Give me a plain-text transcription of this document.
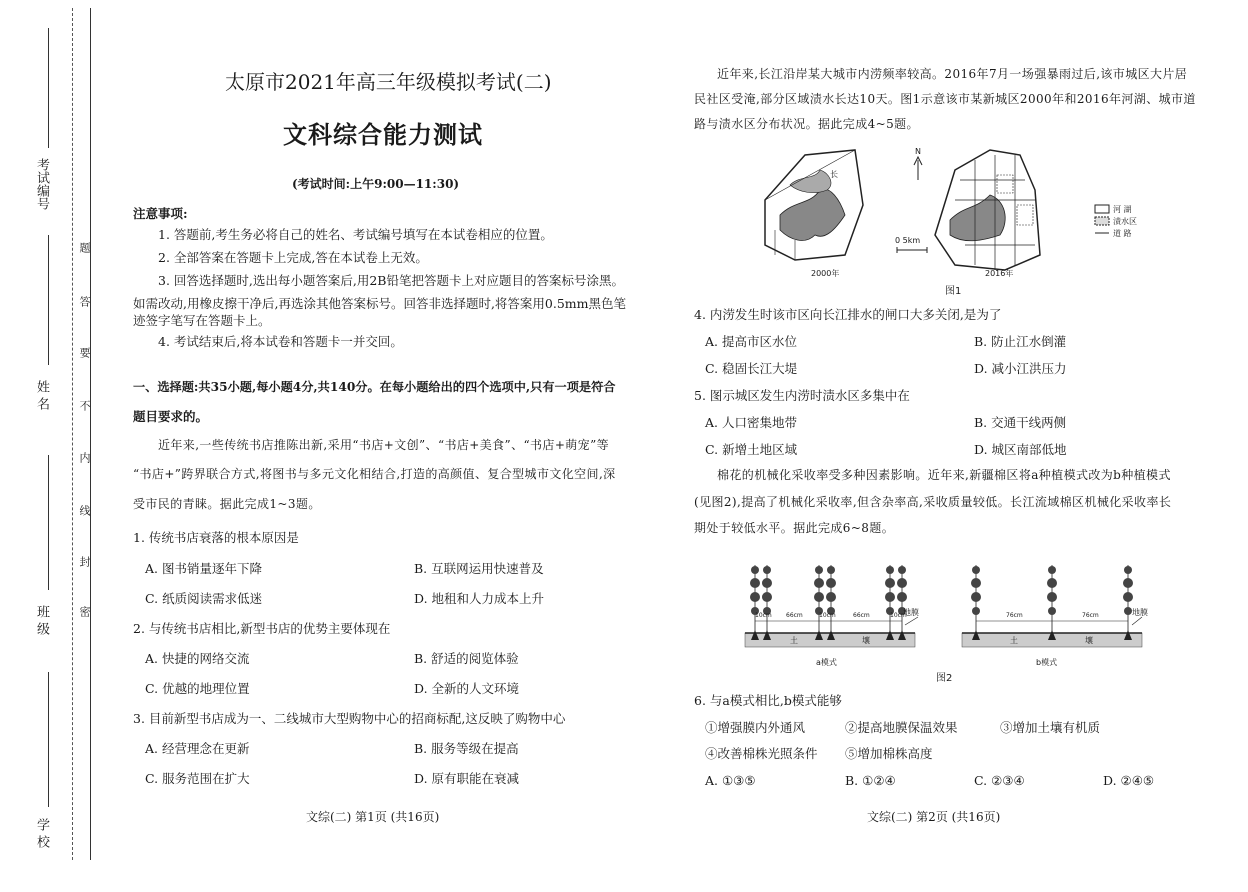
考试编号
姓 名
班 级
学 校
题
答
要
不
内
线
封
密
太原市2021年高三年级模拟考试(二)
文科综合能力测试
(考试时间:上午9:00—11:30)
注意事项:
1. 答题前,考生务必将自己的姓名、考试编号填写在本试卷相应的位置。
2. 全部答案在答题卡上完成,答在本试卷上无效。
3. 回答选择题时,选出每小题答案后,用2B铅笔把答题卡上对应题目的答案标号涂黑。
如需改动,用橡皮擦干净后,再选涂其他答案标号。回答非选择题时,将答案用0.5mm黑色笔
迹签字笔写在答题卡上。
4. 考试结束后,将本试卷和答题卡一并交回。
一、选择题:共35小题,每小题4分,共140分。在每小题给出的四个选项中,只有一项是符合
题目要求的。
近年来,一些传统书店推陈出新,采用“书店+文创”、“书店+美食”、“书店+萌宠”等
“书店+”跨界联合方式,将图书与多元文化相结合,打造的高颜值、复合型城市文化空间,深
受市民的青睐。据此完成1~3题。
1. 传统书店衰落的根本原因是
A. 图书销量逐年下降	B. 互联网运用快速普及
C. 纸质阅读需求低迷	D. 地租和人力成本上升
2. 与传统书店相比,新型书店的优势主要体现在
A. 快捷的网络交流	B. 舒适的阅览体验
C. 优越的地理位置	D. 全新的人文环境
3. 目前新型书店成为一、二线城市大型购物中心的招商标配,这反映了购物中心
A. 经营理念在更新	B. 服务等级在提高
C. 服务范围在扩大	D. 原有职能在衰减
文综(二) 第1页 (共16页)
近年来,长江沿岸某大城市内涝频率较高。2016年7月一场强暴雨过后,该市城区大片居
民社区受淹,部分区域渍水长达10天。图1示意该市某新城区2000年和2016年河湖、城市道
路与渍水区分布状况。据此完成4~5题。
长
N
0 5km
2000年	2016年
河 湖
渍水区
道 路
图1
4. 内涝发生时该市区向长江排水的闸口大多关闭,是为了
A. 提高市区水位	B. 防止江水倒灌
C. 稳固长江大堤	D. 减小江洪压力
5. 图示城区发生内涝时渍水区多集中在
A. 人口密集地带	B. 交通干线两侧
C. 新增土地区域	D. 城区南部低地
棉花的机械化采收率受多种因素影响。近年来,新疆棉区将a种植模式改为b种植模式
(见图2),提高了机械化采收率,但含杂率高,采收质量较低。长江流域棉区机械化采收率长
期处于较低水平。据此完成6~8题。
10cm 66cm	10cm	66cm	10cm	76cm	76cm
地膜	地膜
土	壤	土	壤
a模式	b模式
图2
6. 与a模式相比,b模式能够
①增强膜内外通风	②提高地膜保温效果	③增加土壤有机质
④改善棉株光照条件 ⑤增加棉株高度
A. ①③⑤	B. ①②④	C. ②③④	D. ②④⑤
文综(二) 第2页 (共16页)
